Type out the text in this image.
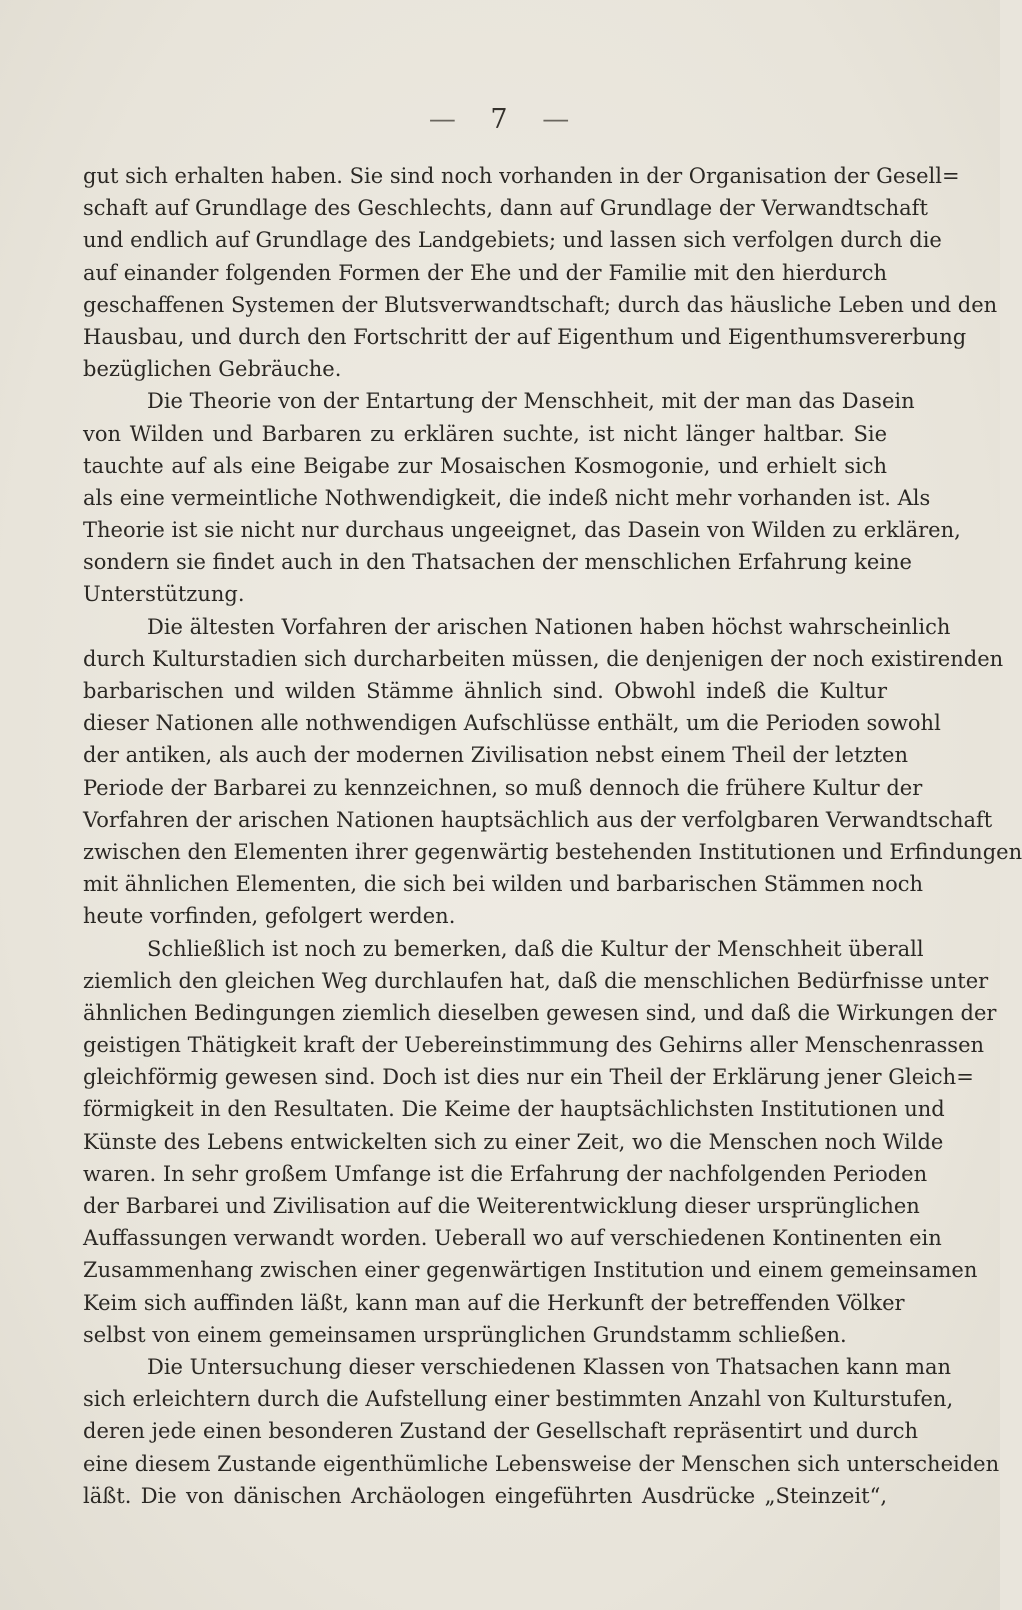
— 7 —
gut sich erhalten haben. Sie sind noch vorhanden in der Organisation der Gesell=
schaft auf Grundlage des Geschlechts, dann auf Grundlage der Verwandtschaft
und endlich auf Grundlage des Landgebiets; und lassen sich verfolgen durch die
auf einander folgenden Formen der Ehe und der Familie mit den hierdurch
geschaffenen Systemen der Blutsverwandtschaft; durch das häusliche Leben und den
Hausbau, und durch den Fortschritt der auf Eigenthum und Eigenthumsvererbung
bezüglichen Gebräuche.
Die Theorie von der Entartung der Menschheit, mit der man das Dasein
von Wilden und Barbaren zu erklären suchte, ist nicht länger haltbar. Sie
tauchte auf als eine Beigabe zur Mosaischen Kosmogonie, und erhielt sich
als eine vermeintliche Nothwendigkeit, die indeß nicht mehr vorhanden ist. Als
Theorie ist sie nicht nur durchaus ungeeignet, das Dasein von Wilden zu erklären,
sondern sie findet auch in den Thatsachen der menschlichen Erfahrung keine
Unterstützung.
Die ältesten Vorfahren der arischen Nationen haben höchst wahrscheinlich
durch Kulturstadien sich durcharbeiten müssen, die denjenigen der noch existirenden
barbarischen und wilden Stämme ähnlich sind. Obwohl indeß die Kultur
dieser Nationen alle nothwendigen Aufschlüsse enthält, um die Perioden sowohl
der antiken, als auch der modernen Zivilisation nebst einem Theil der letzten
Periode der Barbarei zu kennzeichnen, so muß dennoch die frühere Kultur der
Vorfahren der arischen Nationen hauptsächlich aus der verfolgbaren Verwandtschaft
zwischen den Elementen ihrer gegenwärtig bestehenden Institutionen und Erfindungen
mit ähnlichen Elementen, die sich bei wilden und barbarischen Stämmen noch
heute vorfinden, gefolgert werden.
Schließlich ist noch zu bemerken, daß die Kultur der Menschheit überall
ziemlich den gleichen Weg durchlaufen hat, daß die menschlichen Bedürfnisse unter
ähnlichen Bedingungen ziemlich dieselben gewesen sind, und daß die Wirkungen der
geistigen Thätigkeit kraft der Uebereinstimmung des Gehirns aller Menschenrassen
gleichförmig gewesen sind. Doch ist dies nur ein Theil der Erklärung jener Gleich=
förmigkeit in den Resultaten. Die Keime der hauptsächlichsten Institutionen und
Künste des Lebens entwickelten sich zu einer Zeit, wo die Menschen noch Wilde
waren. In sehr großem Umfange ist die Erfahrung der nachfolgenden Perioden
der Barbarei und Zivilisation auf die Weiterentwicklung dieser ursprünglichen
Auffassungen verwandt worden. Ueberall wo auf verschiedenen Kontinenten ein
Zusammenhang zwischen einer gegenwärtigen Institution und einem gemeinsamen
Keim sich auffinden läßt, kann man auf die Herkunft der betreffenden Völker
selbst von einem gemeinsamen ursprünglichen Grundstamm schließen.
Die Untersuchung dieser verschiedenen Klassen von Thatsachen kann man
sich erleichtern durch die Aufstellung einer bestimmten Anzahl von Kulturstufen,
deren jede einen besonderen Zustand der Gesellschaft repräsentirt und durch
eine diesem Zustande eigenthümliche Lebensweise der Menschen sich unterscheiden
läßt. Die von dänischen Archäologen eingeführten Ausdrücke „Steinzeit“,
